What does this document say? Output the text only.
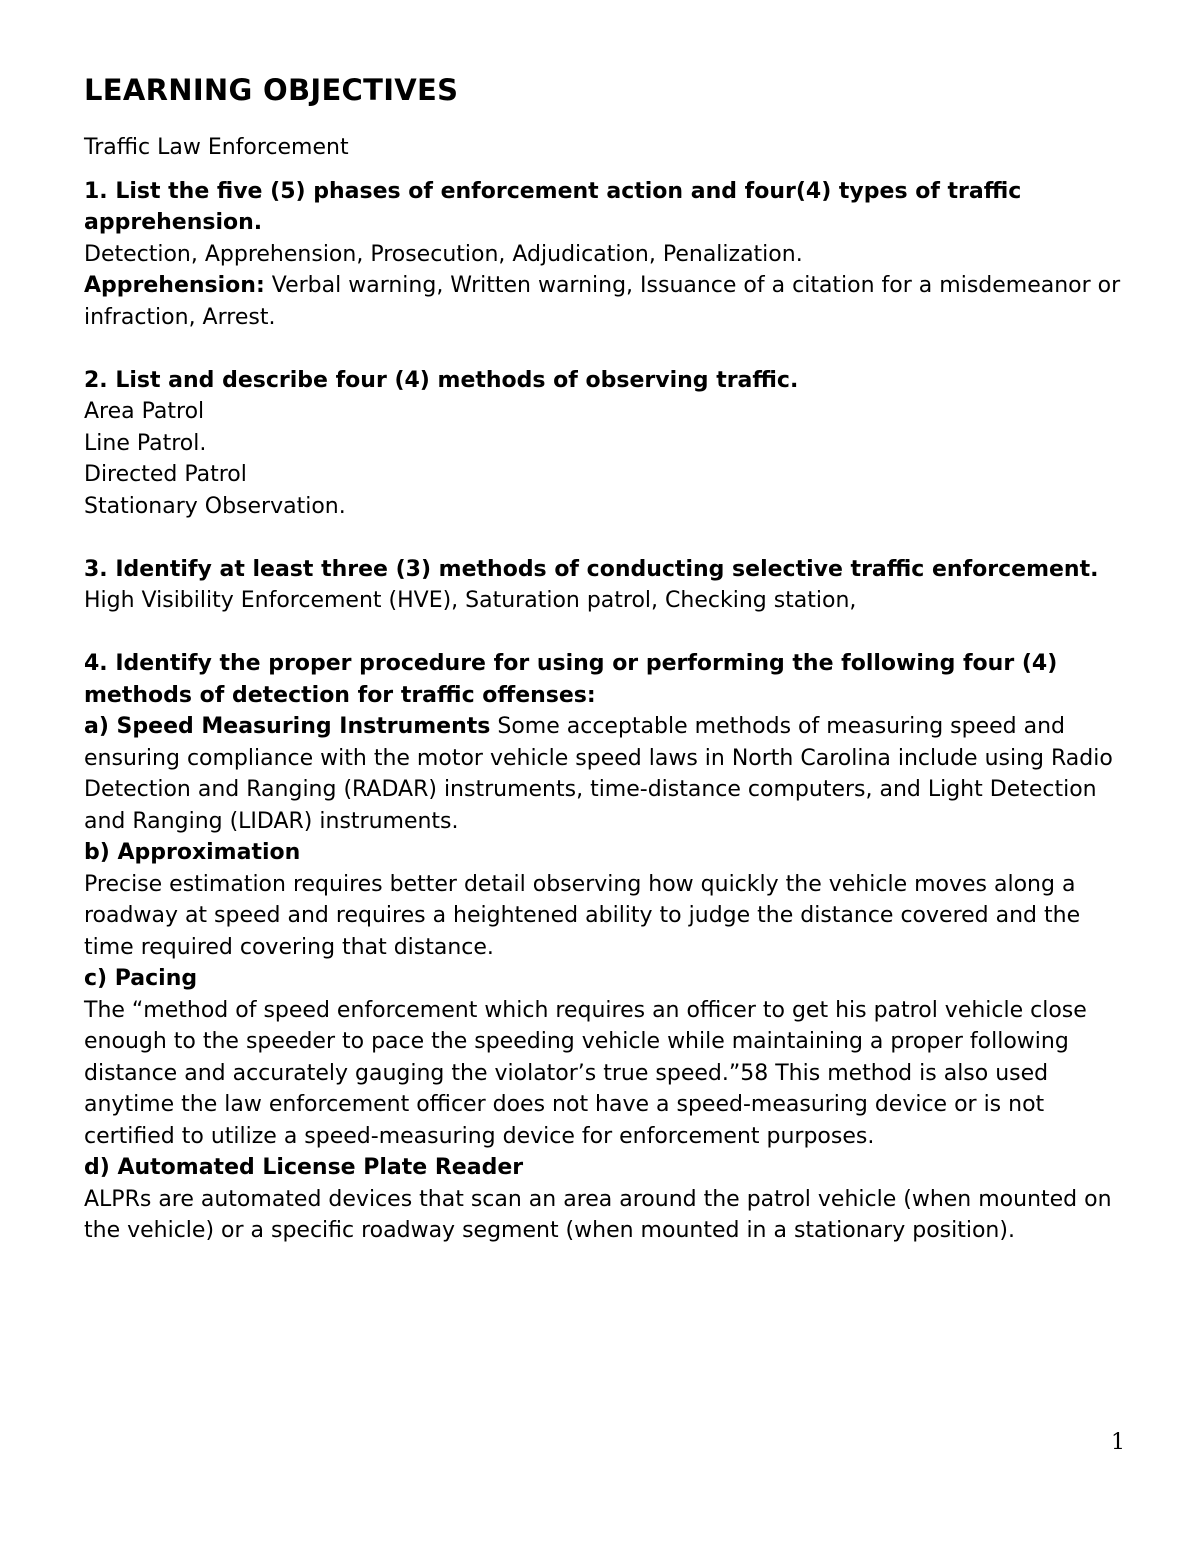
LEARNING OBJECTIVES
Traffic Law Enforcement

1. List the five (5) phases of enforcement action and four(4) types of traffic apprehension.

Detection, Apprehension, Prosecution, Adjudication, Penalization.

Apprehension: Verbal warning, Written warning, Issuance of a citation for a misdemeanor or infraction, Arrest.

2. List and describe four (4) methods of observing traffic.

Area Patrol

Line Patrol.

Directed Patrol

Stationary Observation.

3. Identify at least three (3) methods of conducting selective traffic enforcement.

High Visibility Enforcement (HVE), Saturation patrol, Checking station,

4. Identify the proper procedure for using or performing the following four (4) methods of detection for traffic offenses:

a) Speed Measuring Instruments Some acceptable methods of measuring speed and ensuring compliance with the motor vehicle speed laws in North Carolina include using Radio Detection and Ranging (RADAR) instruments, time-distance computers, and Light Detection and Ranging (LIDAR) instruments.

b) Approximation

Precise estimation requires better detail observing how quickly the vehicle moves along a roadway at speed and requires a heightened ability to judge the distance covered and the time required covering that distance.

c) Pacing

The “method of speed enforcement which requires an officer to get his patrol vehicle close enough to the speeder to pace the speeding vehicle while maintaining a proper following distance and accurately gauging the violator’s true speed.”58 This method is also used anytime the law enforcement officer does not have a speed-measuring device or is not certified to utilize a speed-measuring device for enforcement purposes.

d) Automated License Plate Reader

ALPRs are automated devices that scan an area around the patrol vehicle (when mounted on the vehicle) or a specific roadway segment (when mounted in a stationary position).

1
